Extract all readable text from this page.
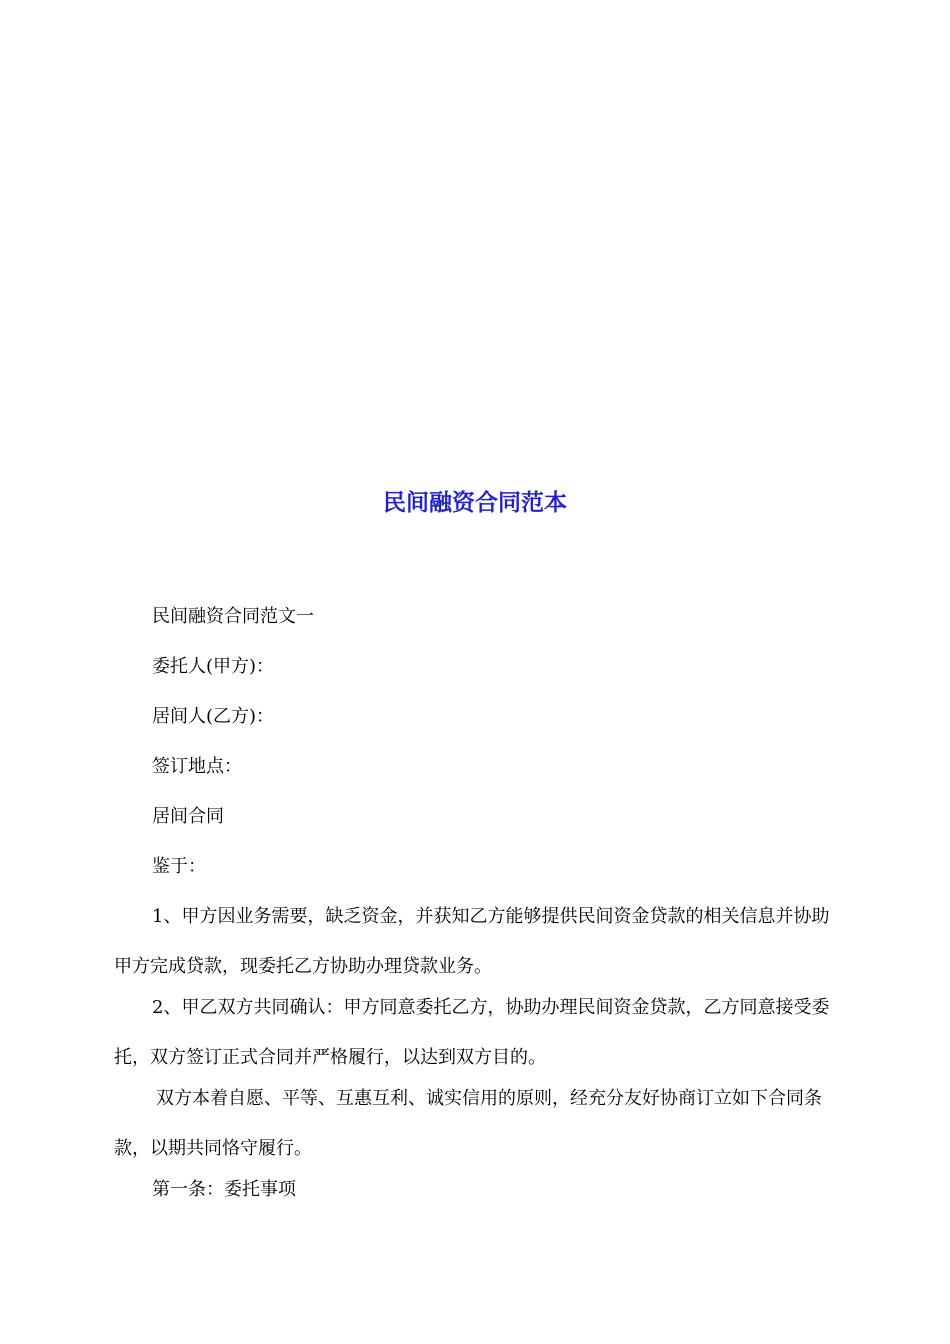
民间融资合同范本

民间融资合同范文一

委托人(甲方)：

居间人(乙方)：

签订地点：

居间合同

鉴于：

1、甲方因业务需要，缺乏资金，并获知乙方能够提供民间资金贷款的相关信息并协助甲方完成贷款，现委托乙方协助办理贷款业务。

2、甲乙双方共同确认：甲方同意委托乙方，协助办理民间资金贷款，乙方同意接受委托，双方签订正式合同并严格履行，以达到双方目的。

双方本着自愿、平等、互惠互利、诚实信用的原则，经充分友好协商订立如下合同条款，以期共同恪守履行。

第一条：委托事项
